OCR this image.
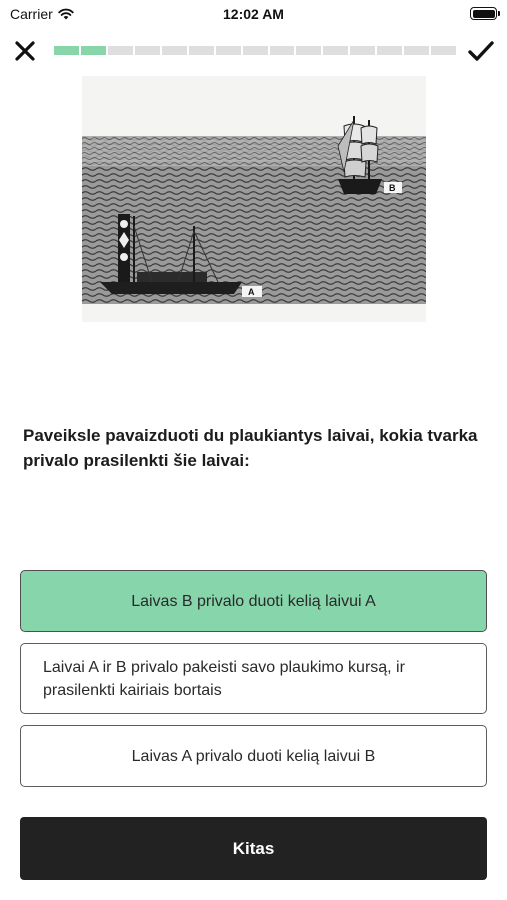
Carrier	12:02 AM
A
B
Paveiksle pavaizduoti du plaukiantys laivai, kokia tvarka privalo prasilenkti šie laivai:
Laivas B privalo duoti kelią laivui A
Laivai A ir B privalo pakeisti savo plaukimo kursą, ir prasilenkti kairiais bortais
Laivas A privalo duoti kelią laivui B
Kitas
